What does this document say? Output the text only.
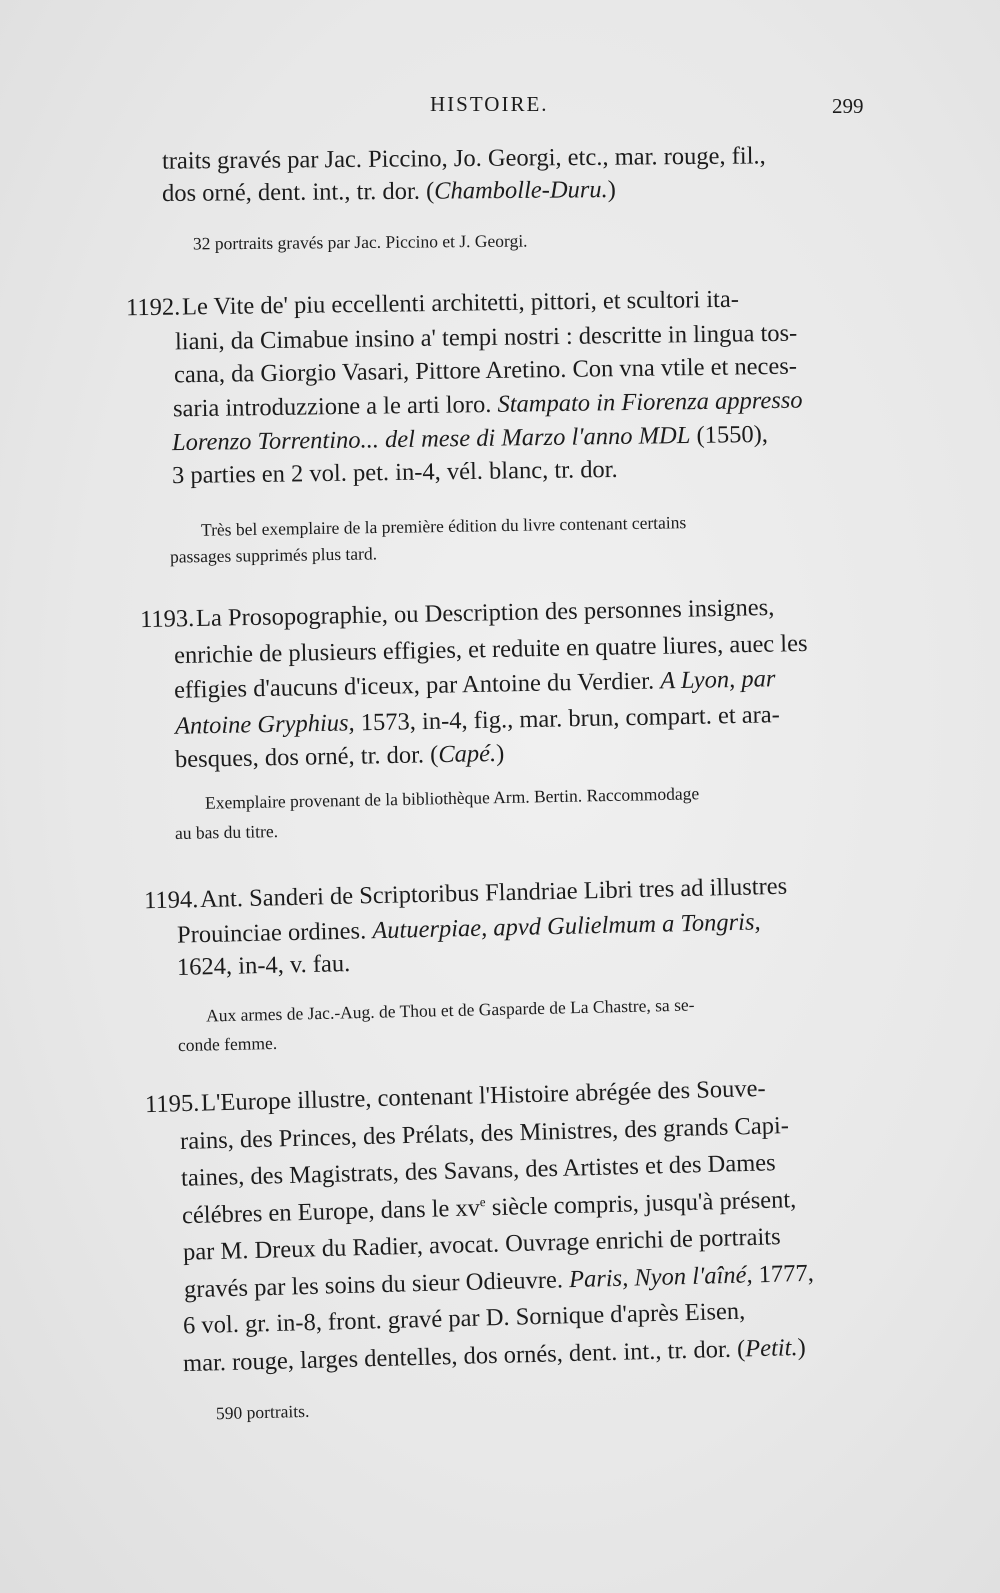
HISTOIRE.	299
traits gravés par Jac. Piccino, Jo. Georgi, etc., mar. rouge, fil.,
dos orné, dent. int., tr. dor. (Chambolle-Duru.)
32 portraits gravés par Jac. Piccino et J. Georgi.
1192.Le Vite de' piu eccellenti architetti, pittori, et scultori ita-
liani, da Cimabue insino a' tempi nostri : descritte in lingua tos-
cana, da Giorgio Vasari, Pittore Aretino. Con vna vtile et neces-
saria introduzzione a le arti loro. Stampato in Fiorenza appresso
Lorenzo Torrentino... del mese di Marzo l'anno MDL (1550),
3 parties en 2 vol. pet. in-4, vél. blanc, tr. dor.
Très bel exemplaire de la première édition du livre contenant certains
passages supprimés plus tard.
1193.La Prosopographie, ou Description des personnes insignes,
enrichie de plusieurs effigies, et reduite en quatre liures, auec les
effigies d'aucuns d'iceux, par Antoine du Verdier. A Lyon, par
Antoine Gryphius, 1573, in-4, fig., mar. brun, compart. et ara-
besques, dos orné, tr. dor. (Capé.)
Exemplaire provenant de la bibliothèque Arm. Bertin. Raccommodage
au bas du titre.
1194.Ant. Sanderi de Scriptoribus Flandriae Libri tres ad illustres
Prouinciae ordines. Autuerpiae, apvd Gulielmum a Tongris,
1624, in-4, v. fau.
Aux armes de Jac.-Aug. de Thou et de Gasparde de La Chastre, sa se-
conde femme.
1195.L'Europe illustre, contenant l'Histoire abrégée des Souve-
rains, des Princes, des Prélats, des Ministres, des grands Capi-
taines, des Magistrats, des Savans, des Artistes et des Dames
célébres en Europe, dans le $xv^e$ siècle compris, jusqu'à présent,
par M. Dreux du Radier, avocat. Ouvrage enrichi de portraits
gravés par les soins du sieur Odieuvre. Paris, Nyon l'aîné, 1777,
6 vol. gr. in-8, front. gravé par D. Sornique d'après Eisen,
mar. rouge, larges dentelles, dos ornés, dent. int., tr. dor. (Petit.)
590 portraits.
